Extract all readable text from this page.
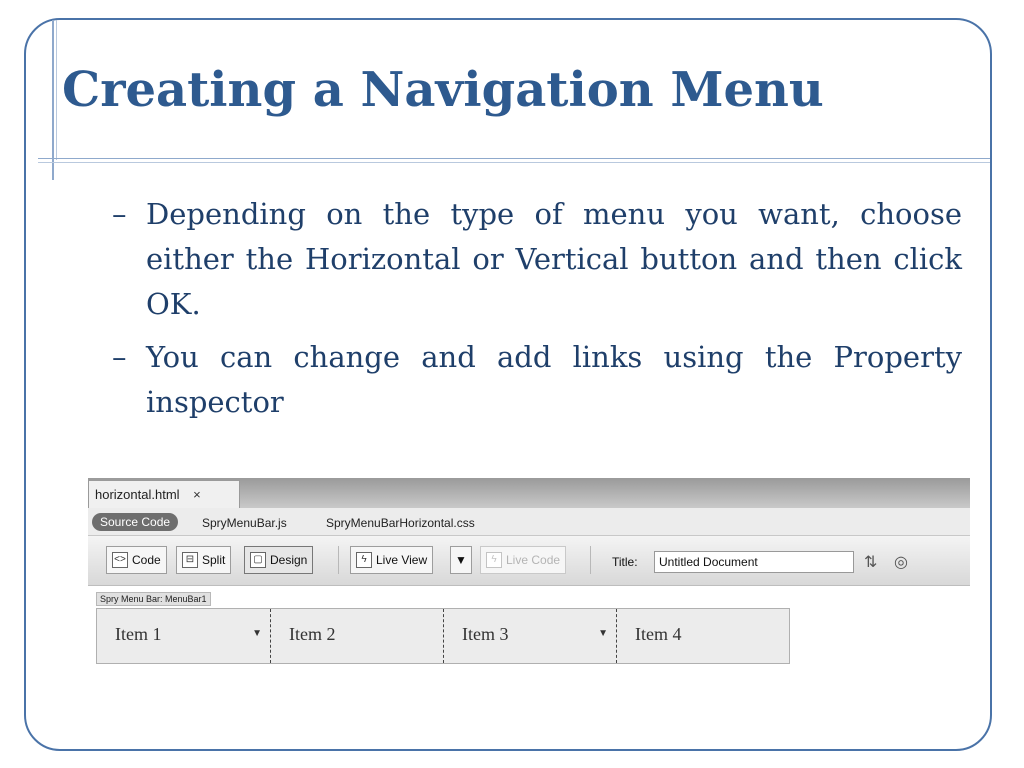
Creating a Navigation Menu
– Depending on the type of menu you want, choose either the Horizontal or Vertical button and then click OK.
– You can change and add links using the Property inspector
horizontal.html ×
Source Code	SpryMenuBar.js	SpryMenuBarHorizontal.css
<> Code	⊟ Split	▢ Design	ϟ Live View ▼	ϟ Live Code	Title:
Untitled Document	⇅ ◎
Spry Menu Bar: MenuBar1
Item 1	▼	Item 2	Item 3	▼	Item 4
